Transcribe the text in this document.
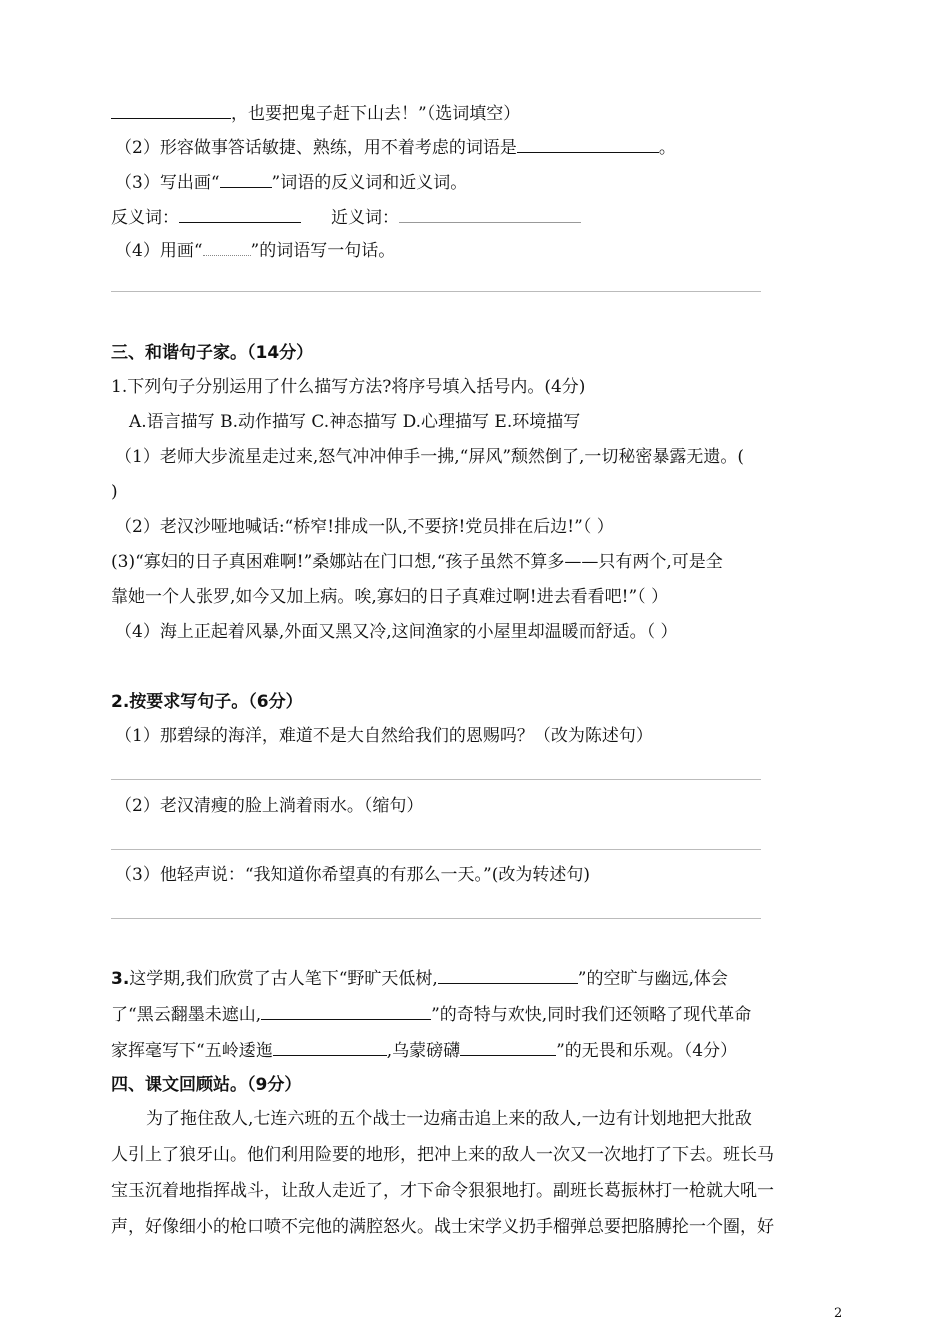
，也要把鬼子赶下山去！”（选词填空）
（2）形容做事答话敏捷、熟练，用不着考虑的词语是	。
（3）写出画“	”词语的反义词和近义词。
反义词：	近义词：
（4）用画“	”的词语写一句话。
三、和谐句子家。（14分）
1.下列句子分别运用了什么描写方法?将序号填入括号内。(4分)
A.语言描写 B.动作描写 C.神态描写 D.心理描写 E.环境描写
（1）老师大步流星走过来,怒气冲冲伸手一拂,“屏风”颓然倒了,一切秘密暴露无遗。(
)
（2）老汉沙哑地喊话:“桥窄!排成一队,不要挤!党员排在后边!”（ ）
(3)“寡妇的日子真困难啊!”桑娜站在门口想,“孩子虽然不算多——只有两个,可是全
靠她一个人张罗,如今又加上病。唉,寡妇的日子真难过啊!进去看看吧!”（ ）
（4）海上正起着风暴,外面又黑又冷,这间渔家的小屋里却温暖而舒适。（ ）
2.按要求写句子。（6分）
（1）那碧绿的海洋，难道不是大自然给我们的恩赐吗？（改为陈述句）
（2）老汉清瘦的脸上淌着雨水。（缩句）
（3）他轻声说：“我知道你希望真的有那么一天。”(改为转述句)
3.这学期,我们欣赏了古人笔下“野旷天低树,	”的空旷与幽远,体会
了“黑云翻墨未遮山,	”的奇特与欢快,同时我们还领略了现代革命
家挥毫写下“五岭逶迤	,乌蒙磅礴	”的无畏和乐观。（4分）
四、课文回顾站。（9分）
为了拖住敌人,七连六班的五个战士一边痛击追上来的敌人,一边有计划地把大批敌
人引上了狼牙山。他们利用险要的地形，把冲上来的敌人一次又一次地打了下去。班长马
宝玉沉着地指挥战斗，让敌人走近了，才下命令狠狠地打。副班长葛振林打一枪就大吼一
声，好像细小的枪口喷不完他的满腔怒火。战士宋学义扔手榴弹总要把胳膊抡一个圈，好
2
